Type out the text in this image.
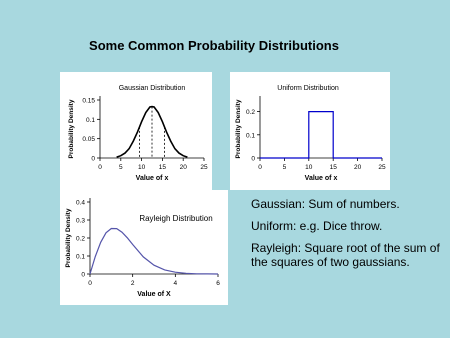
Some Common Probability Distributions
Gaussian Distribution
0	5 10 15 20 25
0
0.05
0.1
0.15
Value of x
Probability Density
Uniform Distribution
0	5	10	15	20	25
0
0.1
0.2
Value of x
Probability Density
Rayleigh Distribution
0	2	4	6
0
0.1
0.2
0.3
0.4
Value of X
Probability Density

Gaussian: Sum of numbers.

Uniform: e.g. Dice throw.

Rayleigh: Square root of the sum of the squares of two gaussians.
